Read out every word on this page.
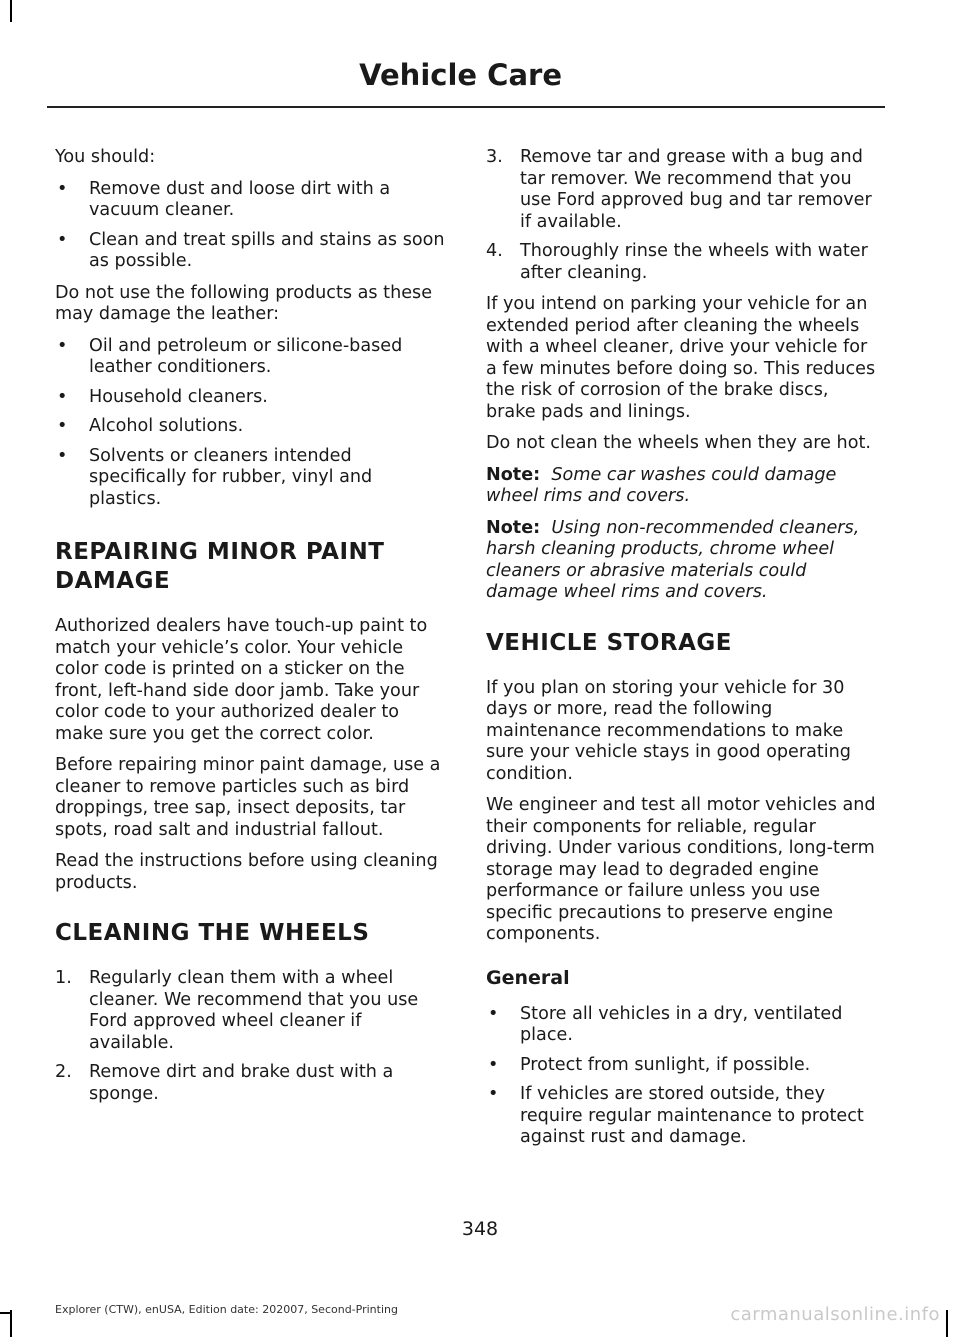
Vehicle Care

You should:

• Remove dust and loose dirt with a vacuum cleaner.
• Clean and treat spills and stains as soon as possible.

Do not use the following products as these may damage the leather:

• Oil and petroleum or silicone-based leather conditioners.
• Household cleaners.
• Alcohol solutions.
• Solvents or cleaners intended specifically for rubber, vinyl and plastics.
REPAIRING MINOR PAINT
DAMAGE

Authorized dealers have touch-up paint to match your vehicle’s color. Your vehicle color code is printed on a sticker on the front, left-hand side door jamb. Take your color code to your authorized dealer to make sure you get the correct color.

Before repairing minor paint damage, use a cleaner to remove particles such as bird droppings, tree sap, insect deposits, tar spots, road salt and industrial fallout.

Read the instructions before using cleaning products.

CLEANING THE WHEELS
1. Regularly clean them with a wheel cleaner. We recommend that you use Ford approved wheel cleaner if available.
2. Remove dirt and brake dust with a sponge.
3. Remove tar and grease with a bug and tar remover. We recommend that you use Ford approved bug and tar remover if available.
4. Thoroughly rinse the wheels with water after cleaning.

If you intend on parking your vehicle for an extended period after cleaning the wheels with a wheel cleaner, drive your vehicle for a few minutes before doing so. This reduces the risk of corrosion of the brake discs, brake pads and linings.

Do not clean the wheels when they are hot.

Note: Some car washes could damage wheel rims and covers.

Note: Using non-recommended cleaners, harsh cleaning products, chrome wheel cleaners or abrasive materials could damage wheel rims and covers.

VEHICLE STORAGE

If you plan on storing your vehicle for 30 days or more, read the following maintenance recommendations to make sure your vehicle stays in good operating condition.

We engineer and test all motor vehicles and their components for reliable, regular driving. Under various conditions, long-term storage may lead to degraded engine performance or failure unless you use specific precautions to preserve engine components.

General
• Store all vehicles in a dry, ventilated place.
• Protect from sunlight, if possible.
• If vehicles are stored outside, they require regular maintenance to protect against rust and damage.
348
Explorer (CTW), enUSA, Edition date: 202007, Second-Printing	carmanualsonline.info
